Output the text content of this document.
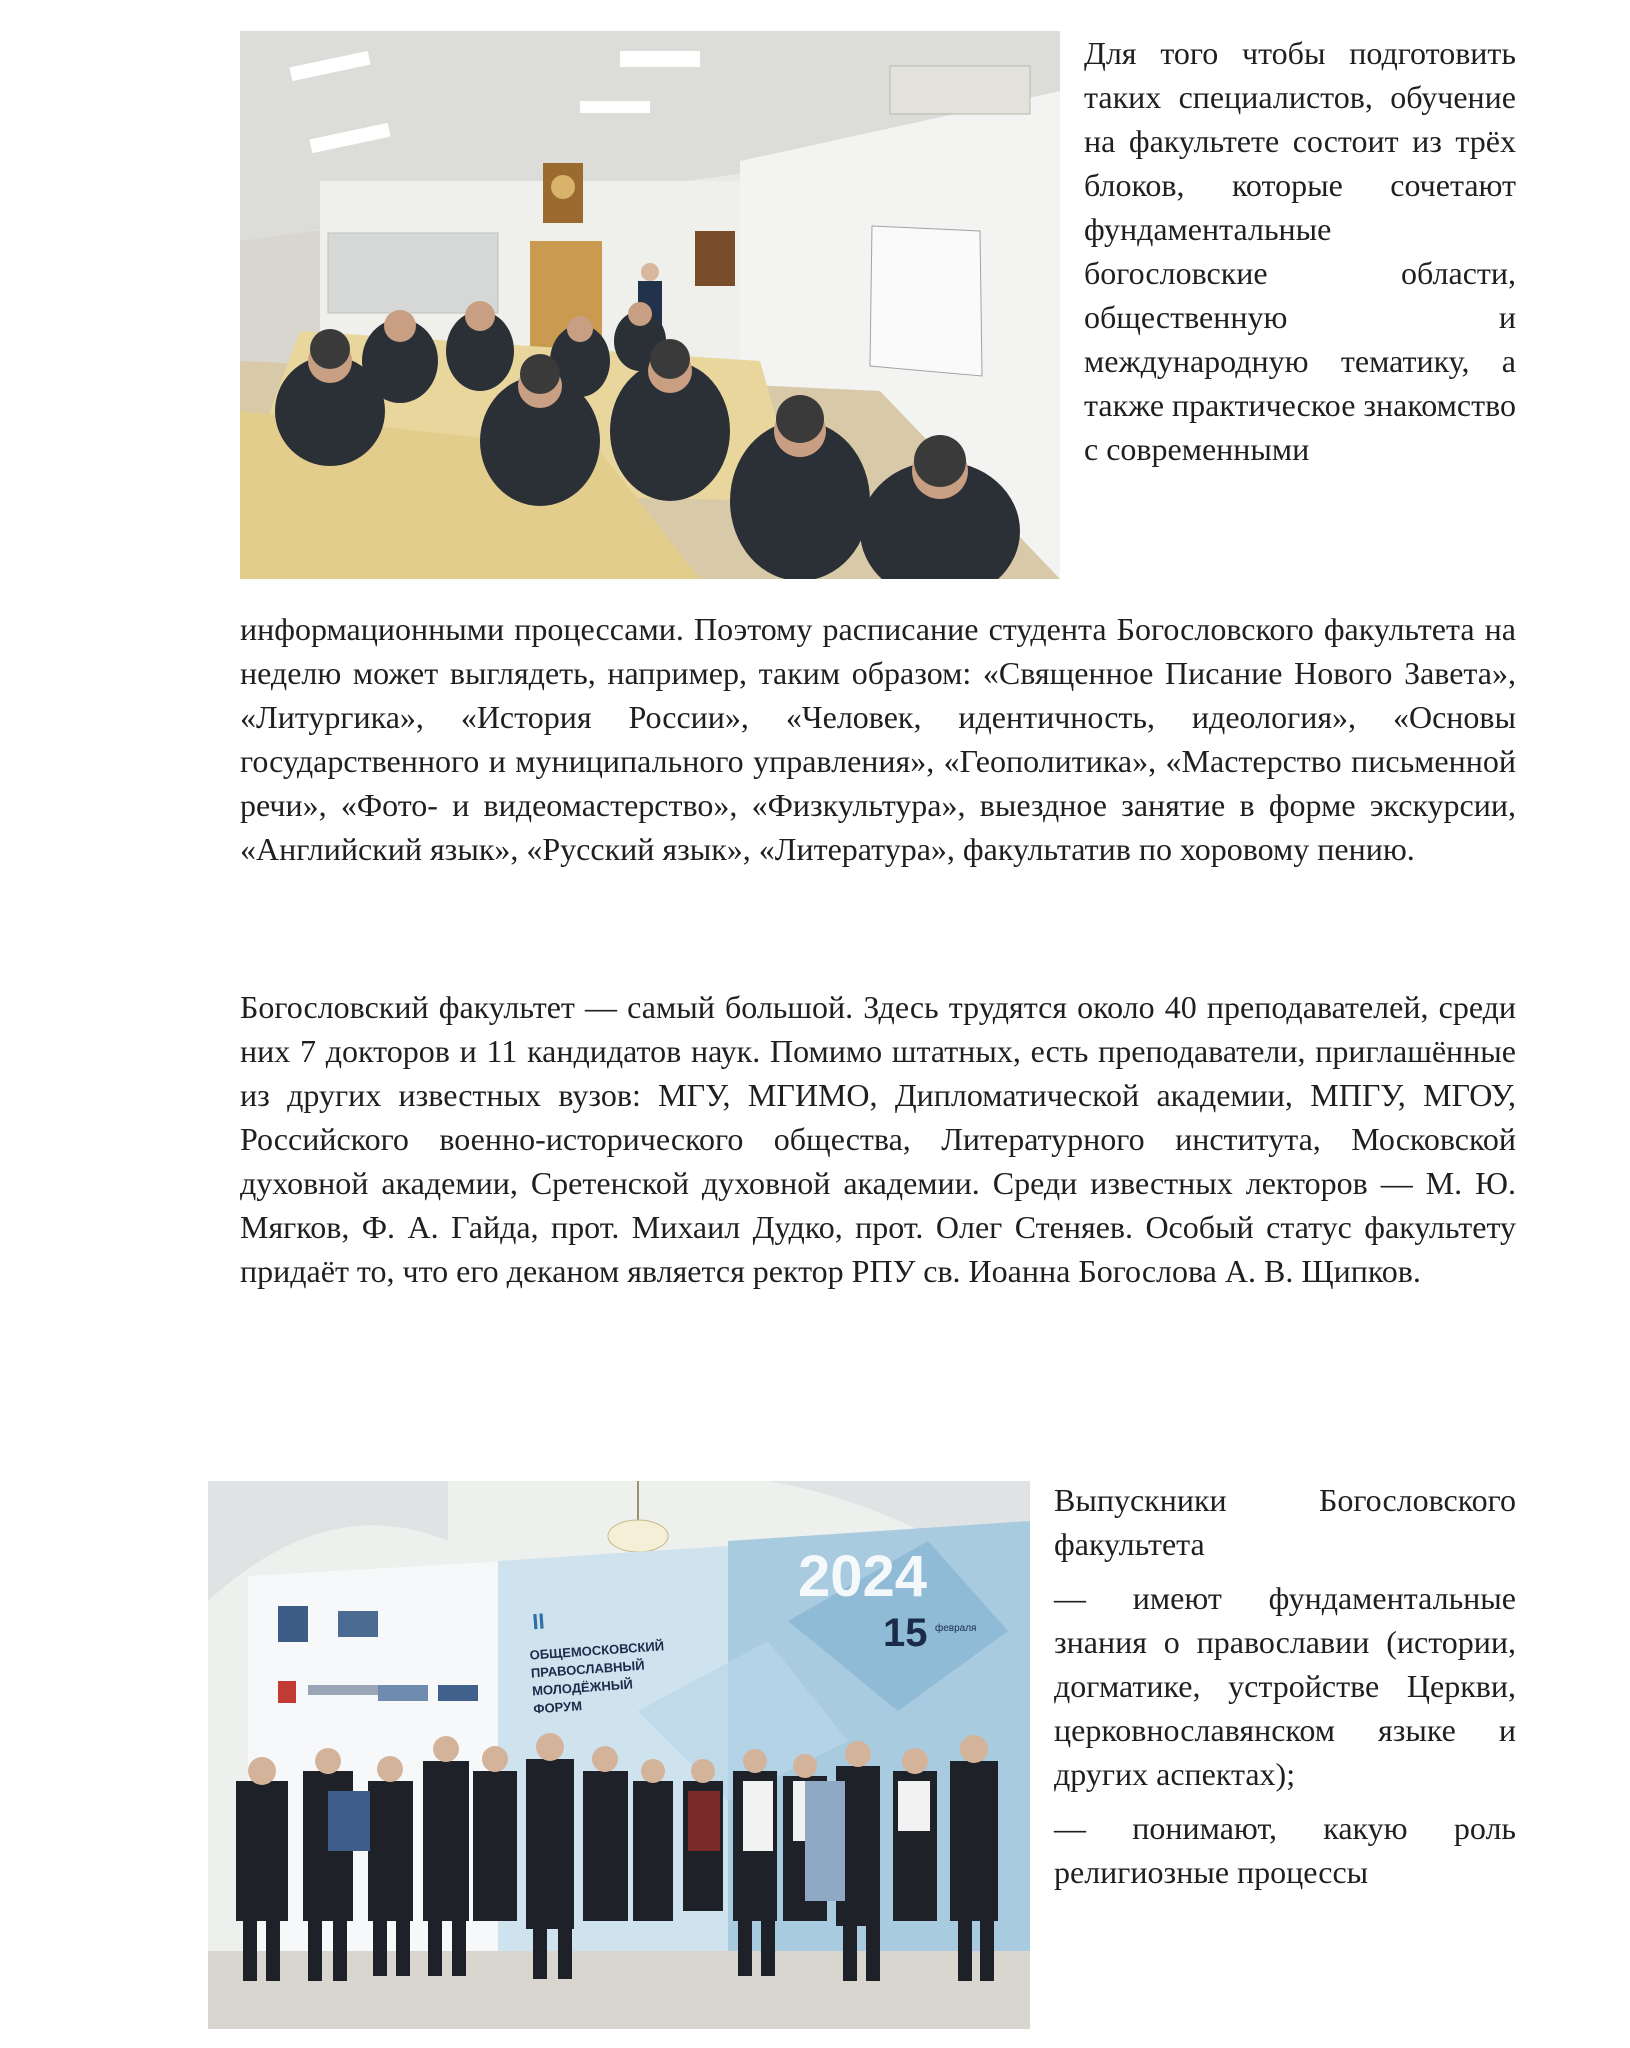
Для того чтобы подготовить таких специалистов, обучение на факультете состоит из трёх блоков, которые сочетают фундаментальные богословские области, общественную и международную тематику, а также практическое знакомство с современными

информационными процессами. Поэтому расписание студента Богословского факультета на неделю может выглядеть, например, таким образом: «Священное Писание Нового Завета», «Литургика», «История России», «Человек, идентичность, идеология», «Основы государственного и муниципального управления», «Геополитика», «Мастерство письменной речи», «Фото- и видеомастерство», «Физкультура», выездное занятие в форме экскурсии, «Английский язык», «Русский язык», «Литература», факультатив по хоровому пению.
Богословский факультет — самый большой. Здесь трудятся около 40 преподавателей, среди них 7 докторов и 11 кандидатов наук. Помимо штатных, есть преподаватели, приглашённые из других известных вузов: МГУ, МГИМО, Дипломатической академии, МПГУ, МГОУ, Российского военно-исторического общества, Литературного института, Московской духовной академии, Сретенской духовной академии. Среди известных лекторов — М. Ю. Мягков, Ф. А. Гайда, прот. Михаил Дудко, прот. Олег Стеняев. Особый статус факультету придаёт то, что его деканом является ректор РПУ св. Иоанна Богослова А. В. Щипков.
2024
15 февраля
II
ОБЩЕМОСКОВСКИЙ
ПРАВОСЛАВНЫЙ
МОЛОДЁЖНЫЙ
ФОРУМ

Выпускники Богословского факультета

— имеют фундаментальные знания о православии (истории, догматике, устройстве Церкви, церковнославянском языке и других аспектах);

— понимают, какую роль религиозные процессы
